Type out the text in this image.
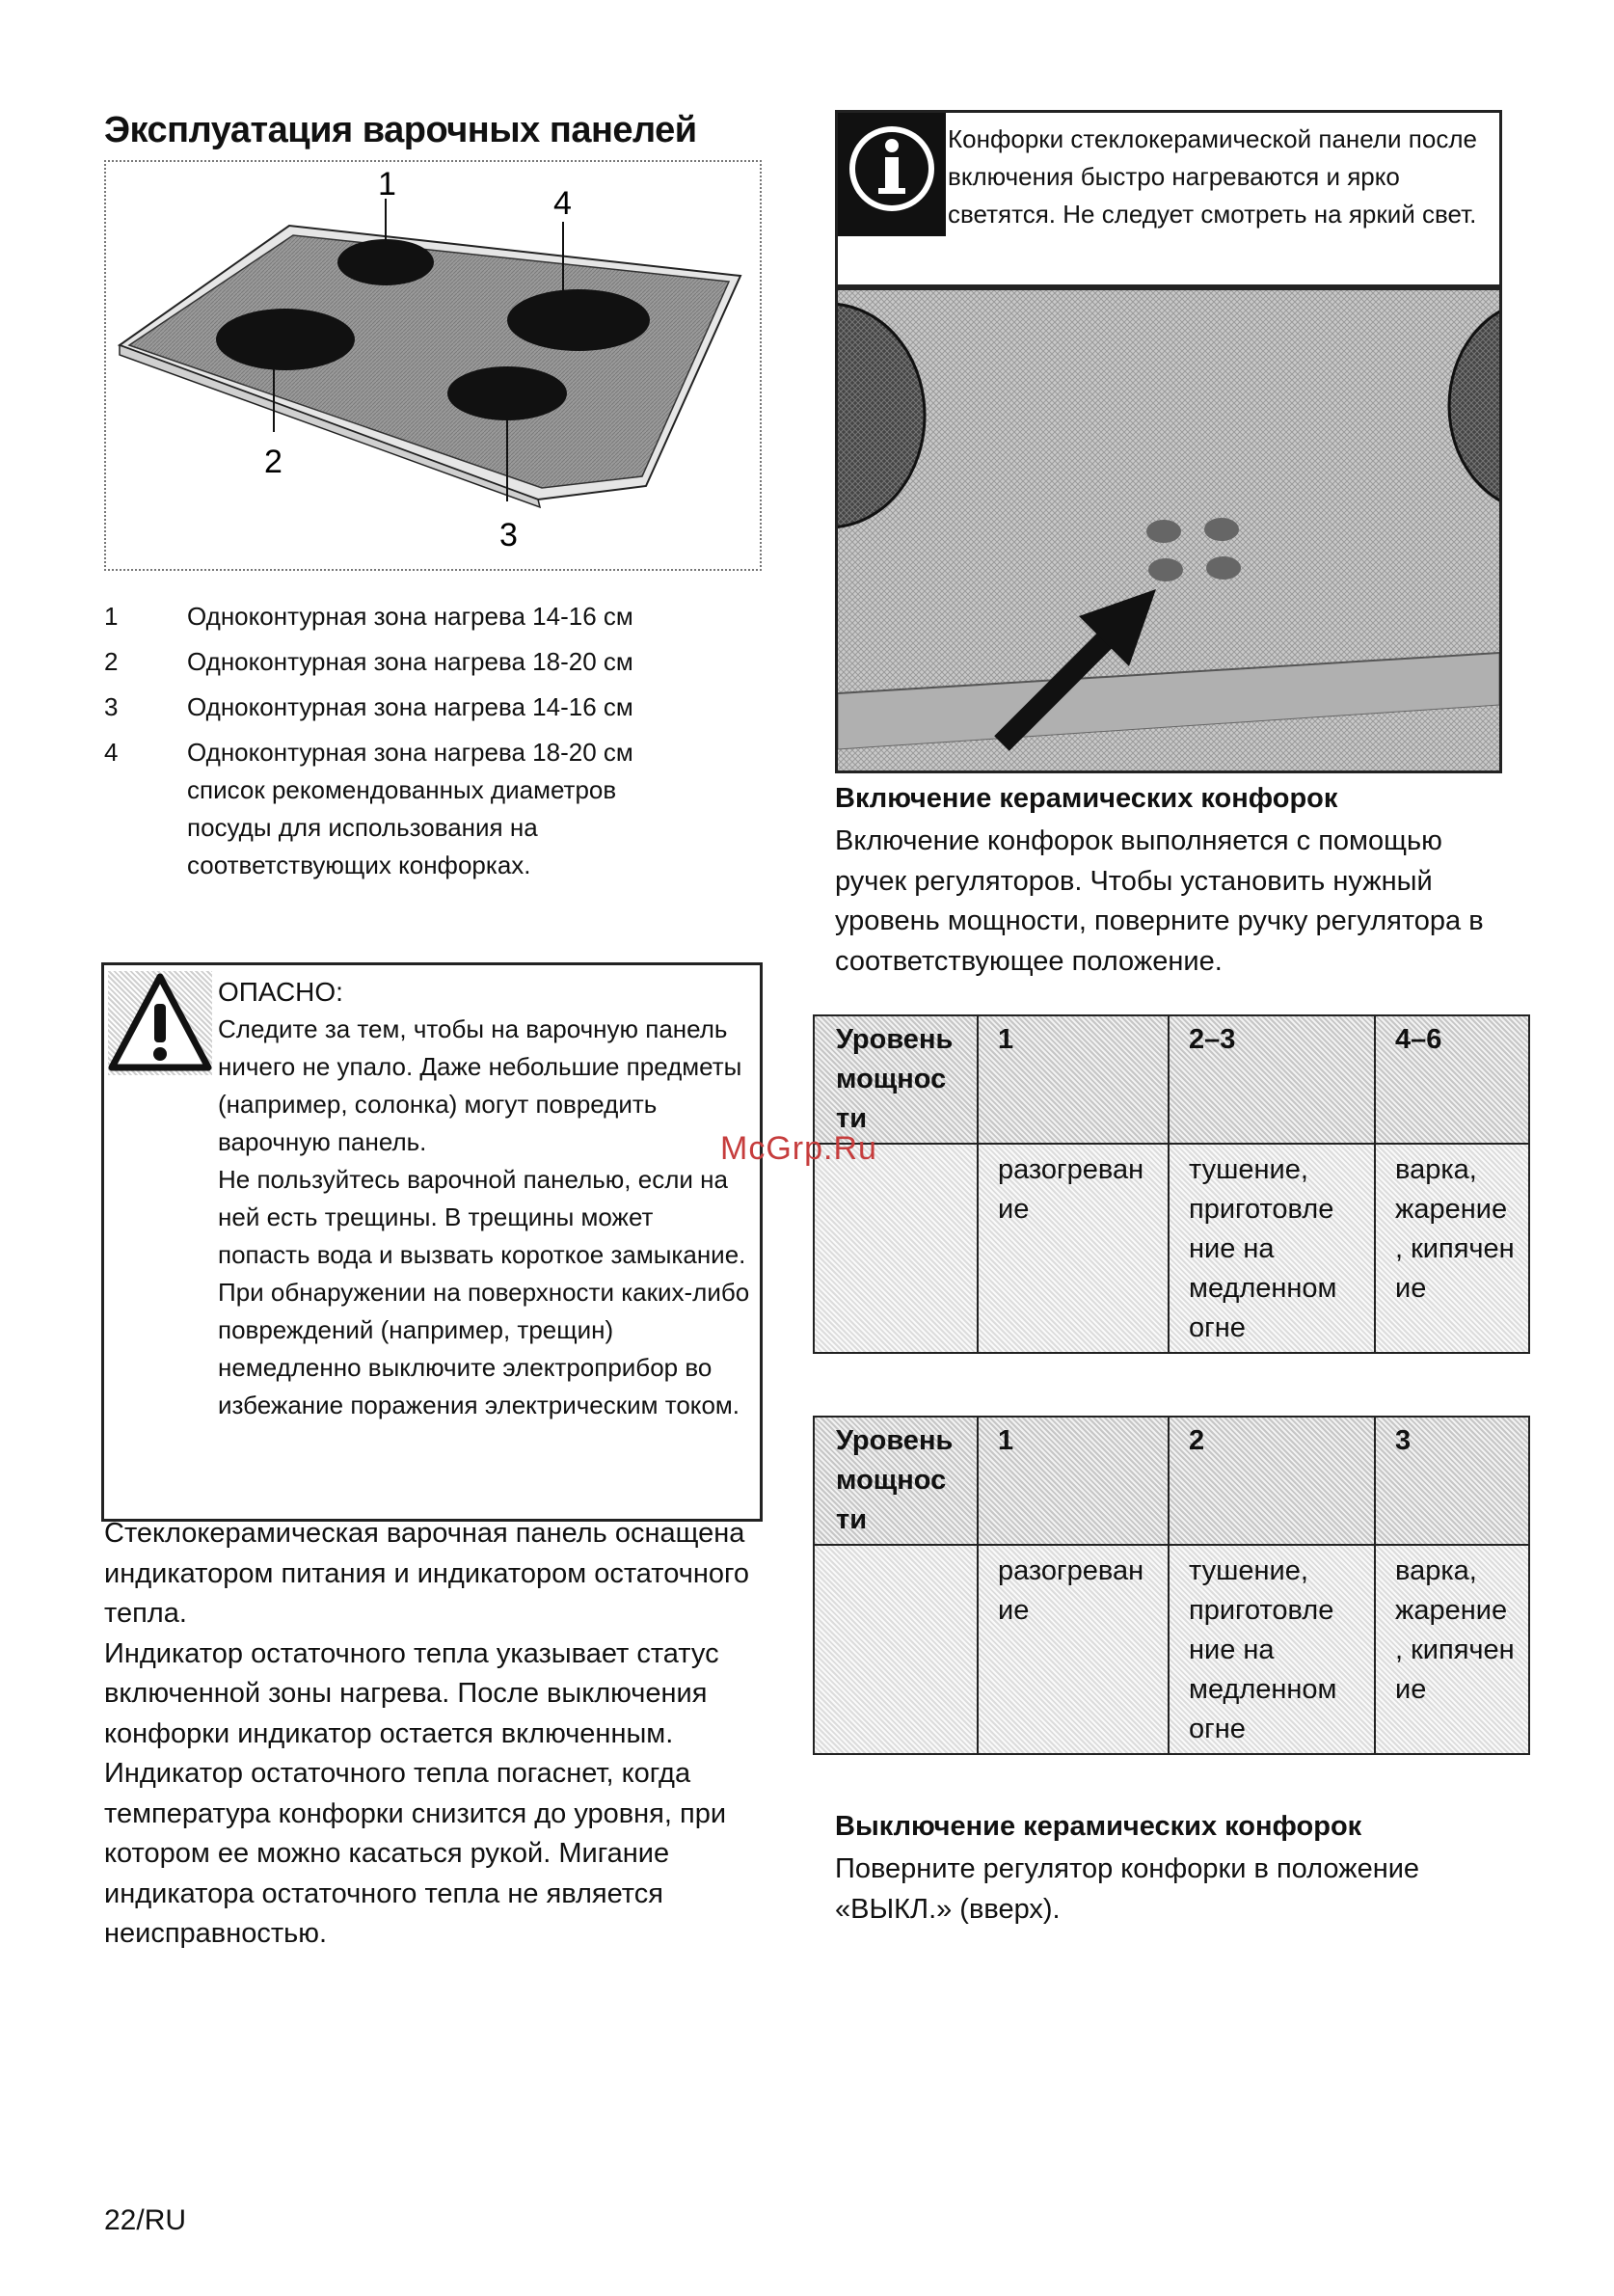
Эксплуатация варочных панелей
1
4
2
3
1	Одноконтурная зона нагрева 14-16 см
2	Одноконтурная зона нагрева 18-20 см
3	Одноконтурная зона нагрева 14-16 см
4	Одноконтурная зона нагрева 18-20 см список рекомендованных диаметров посуды для использования на соответствующих конфорках.
ОПАСНО:
Следите за тем, чтобы на варочную панель ничего не упало. Даже небольшие предметы (например, солонка) могут повредить варочную панель.
Не пользуйтесь варочной панелью, если на ней есть трещины. В трещины может попасть вода и вызвать короткое замыкание.
При обнаружении на поверхности каких-либо повреждений (например, трещин) немедленно выключите электроприбор во избежание поражения электрическим током.
Стеклокерамическая варочная панель оснащена индикатором питания и индикатором остаточного тепла.
Индикатор остаточного тепла указывает статус включенной зоны нагрева. После выключения конфорки индикатор остается включенным.
Индикатор остаточного тепла погаснет, когда температура конфорки снизится до уровня, при котором ее можно касаться рукой. Мигание индикатора остаточного тепла не является неисправностью.
Конфорки стеклокерамической панели после включения быстро нагреваются и ярко светятся. Не следует смотреть на яркий свет.
Включение керамических конфорок
Включение конфорок выполняется с помощью ручек регуляторов. Чтобы установить нужный уровень мощности, поверните ручку регулятора в соответствующее положение.
Уровень мощнос ти	1	2–3	4–6
	разогреван ие	тушение, приготовле ние на медленном огне	варка, жарение , кипячен ие
Уровень мощнос ти	1	2	3
	разогреван ие	тушение, приготовле ние на медленном огне	варка, жарение , кипячен ие
Выключение керамических конфорок
Поверните регулятор конфорки в положение «ВЫКЛ.» (вверх).
McGrp.Ru
22/RU
